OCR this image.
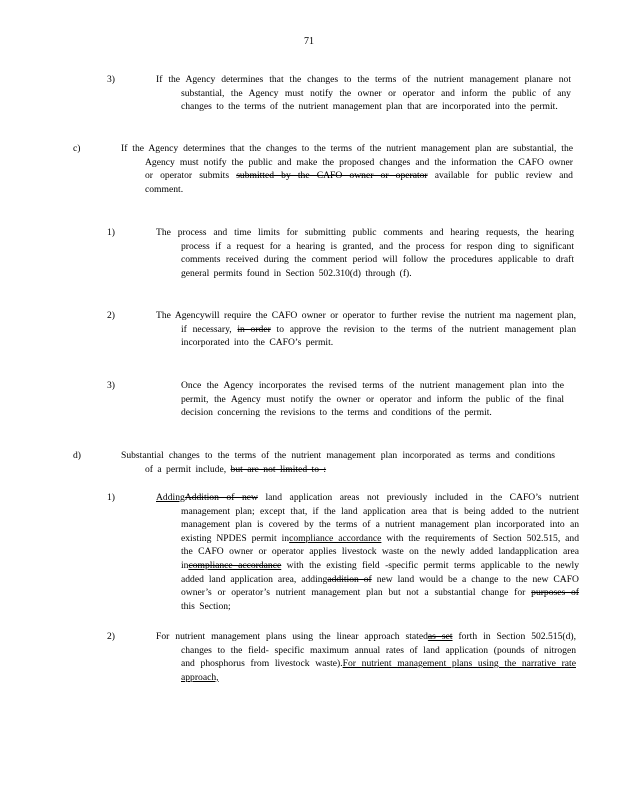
71
3)	If the Agency determines that the changes to the terms of the nutrient management planare not substantial, the Agency must notify the owner or operator and inform the public of any changes to the terms of the nutrient management plan that are incorporated into the permit.
c)	If the Agency determines that the changes to the terms of the nutrient management plan are substantial, the Agency must notify the public and make the proposed changes and the information the CAFO owner or operator submits submitted by the CAFO owner or operator available for public review and comment.
1)	The process and time limits for submitting public comments and hearing requests, the hearing process if a request for a hearing is granted, and the process for respon ding to significant comments received during the comment period will follow the procedures applicable to draft general permits found in Section 502.310(d) through (f).
2)	The Agencywill require the CAFO owner or operator to further revise the nutrient ma nagement plan, if necessary, in order to approve the revision to the terms of the nutrient management plan incorporated into the CAFO’s permit.
3)	Once the Agency incorporates the revised terms of the nutrient management plan into the permit, the Agency must notify the owner or operator and inform the public of the final decision concerning the revisions to the terms and conditions of the permit.
d)	Substantial changes to the terms of the nutrient management plan incorporated as terms and conditions of a permit include, but are not limited to :
1)	AddingAddition of new land application areas not previously included in the CAFO’s nutrient management plan; except that, if the land application area that is being added to the nutrient management plan is covered by the terms of a nutrient management plan incorporated into an existing NPDES permit incompliance accordance with the requirements of Section 502.515, and the CAFO owner or operator applies livestock waste on the newly added landapplication area incompliance accordance with the existing field -specific permit terms applicable to the newly added land application area, addingaddition of new land would be a change to the new CAFO owner’s or operator’s nutrient management plan but not a substantial change for purposes of this Section;
2)	For nutrient management plans using the linear approach statedas set forth in Section 502.515(d), changes to the field- specific maximum annual rates of land application (pounds of nitrogen and phosphorus from livestock waste).For nutrient management plans using the narrative rate approach,
